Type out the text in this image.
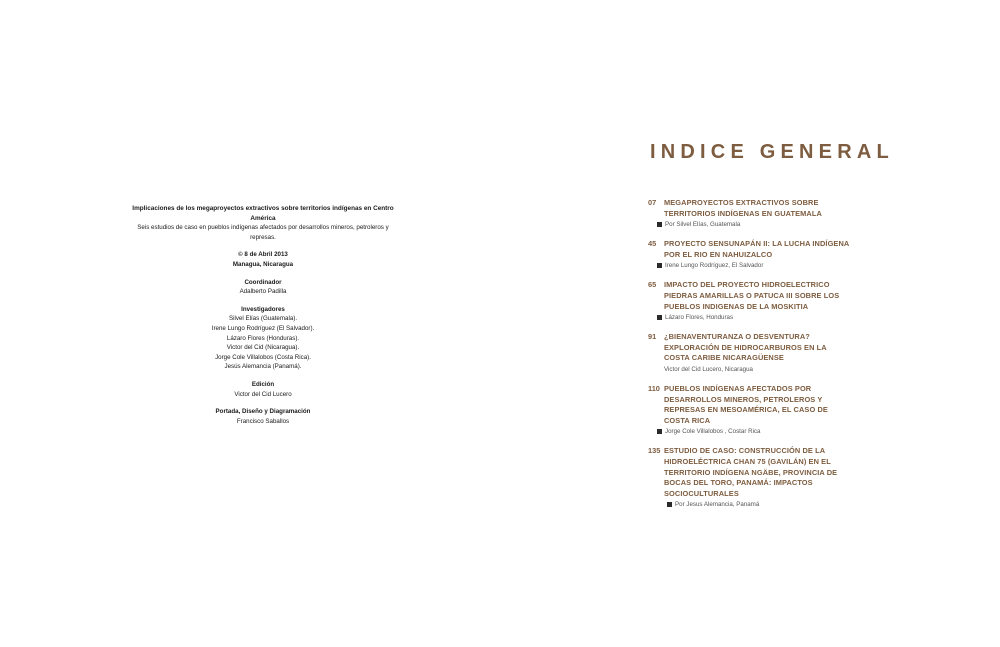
Implicaciones de los megaproyectos extractivos sobre territorios indígenas en Centro América
Seis estudios de caso en pueblos indígenas afectados por desarrollos mineros, petroleros y represas.
© 8 de Abril 2013
Managua, Nicaragua
Coordinador
Adalberto Padilla
Investigadores
Silvel Elías (Guatemala).
Irene Lungo Rodríguez (El Salvador).
Lázaro Flores (Honduras).
Victor del Cid (Nicaragua).
Jorge Cole Villalobos (Costa Rica).
Jesús Alemancia (Panamá).
Edición
Victor del Cid Lucero
Portada, Diseño y Diagramación
Francisco Saballos
INDICE GENERAL
07 MEGAPROYECTOS EXTRACTIVOS SOBRE TERRITORIOS INDÍGENAS EN GUATEMALA
Por Silvel Elías, Guatemala
45 PROYECTO SENSUNAPÁN II: LA LUCHA INDÍGENA POR EL RIO EN NAHUIZALCO
Irene Lungo Rodríguez, El Salvador
65 IMPACTO DEL PROYECTO HIDROELECTRICO PIEDRAS AMARILLAS O PATUCA III SOBRE LOS PUEBLOS INDIGENAS DE LA MOSKITIA
Lázaro Flores, Honduras
91 ¿BIENAVENTURANZA O DESVENTURA? EXPLORACIÓN DE HIDROCARBUROS EN LA COSTA CARIBE NICARAGÜENSE
Victor del Cid Lucero, Nicaragua
110 PUEBLOS INDÍGENAS AFECTADOS POR DESARROLLOS MINEROS, PETROLEROS Y REPRESAS EN MESOAMÉRICA, EL CASO DE COSTA RICA
Jorge Cole Villalobos , Costar Rica
135 ESTUDIO DE CASO: CONSTRUCCIÓN DE LA HIDROELÉCTRICA CHAN 75 (GAVILÁN) EN EL TERRITORIO INDÍGENA NGÄBE, PROVINCIA DE BOCAS DEL TORO, PANAMÁ: IMPACTOS SOCIOCULTURALES
Por Jesus Alemancia, Panamá
